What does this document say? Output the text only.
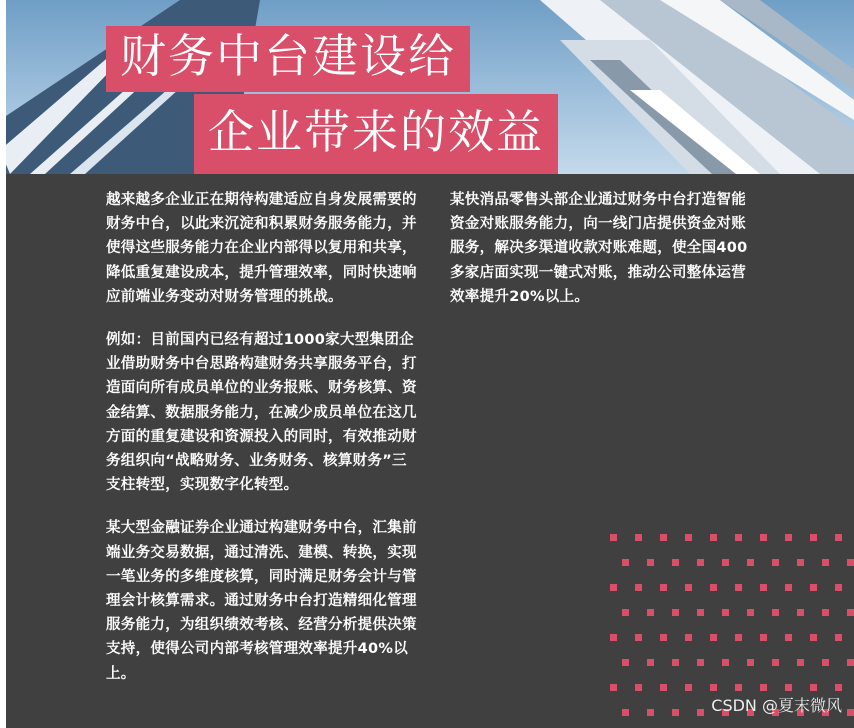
财务中台建设给
企业带来的效益

越来越多企业正在期待构建适应自身发展需要的财务中台，以此来沉淀和积累财务服务能力，并使得这些服务能力在企业内部得以复用和共享，降低重复建设成本，提升管理效率，同时快速响应前端业务变动对财务管理的挑战。

例如：目前国内已经有超过1000家大型集团企业借助财务中台思路构建财务共享服务平台，打造面向所有成员单位的业务报账、财务核算、资金结算、数据服务能力，在减少成员单位在这几方面的重复建设和资源投入的同时，有效推动财务组织向“战略财务、业务财务、核算财务”三支柱转型，实现数字化转型。

某大型金融证券企业通过构建财务中台，汇集前端业务交易数据，通过清洗、建模、转换，实现一笔业务的多维度核算，同时满足财务会计与管理会计核算需求。通过财务中台打造精细化管理服务能力，为组织绩效考核、经营分析提供决策支持，使得公司内部考核管理效率提升40%以上。

某快消品零售头部企业通过财务中台打造智能资金对账服务能力，向一线门店提供资金对账服务，解决多渠道收款对账难题，使全国400多家店面实现一键式对账，推动公司整体运营效率提升20%以上。

CSDN @夏末微风
